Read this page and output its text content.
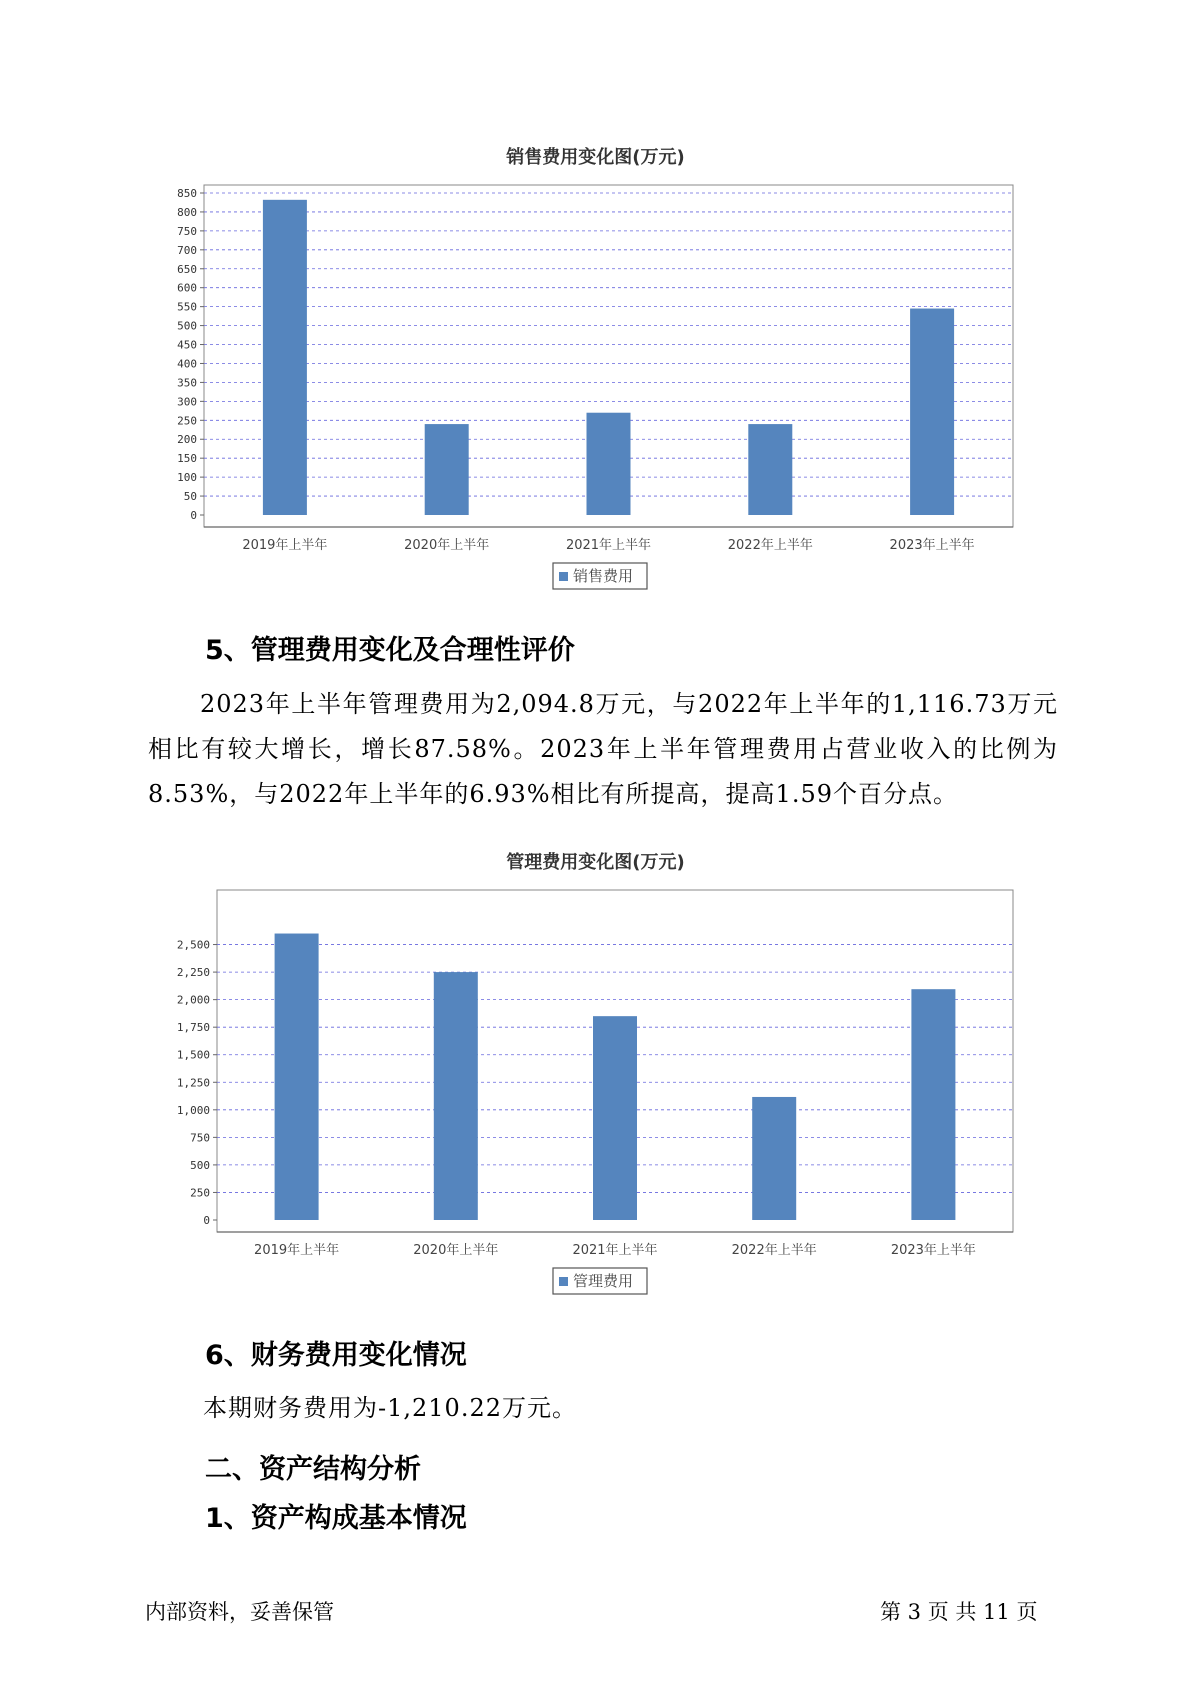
销售费用变化图(万元)
0
50
100
150
200
250
300
350
400
450
500
550
600
650
700
750
800
850
2019年上半年	2020年上半年	2021年上半年	2022年上半年	2023年上半年
销售费用
5、管理费用变化及合理性评价

2023年上半年管理费用为2,094.8万元，与2022年上半年的1,116.73万元相比有较大增长，增长87.58%。2023年上半年管理费用占营业收入的比例为8.53%，与2022年上半年的6.93%相比有所提高，提高1.59个百分点。

管理费用变化图(万元)
0
250
500
750
1,000
1,250
1,500
1,750
2,000
2,250
2,500
2019年上半年	2020年上半年	2021年上半年	2022年上半年	2023年上半年
管理费用
6、财务费用变化情况
本期财务费用为-1,210.22万元。
二、资产结构分析
1、资产构成基本情况
内部资料，妥善保管	第 3 页 共 11 页
